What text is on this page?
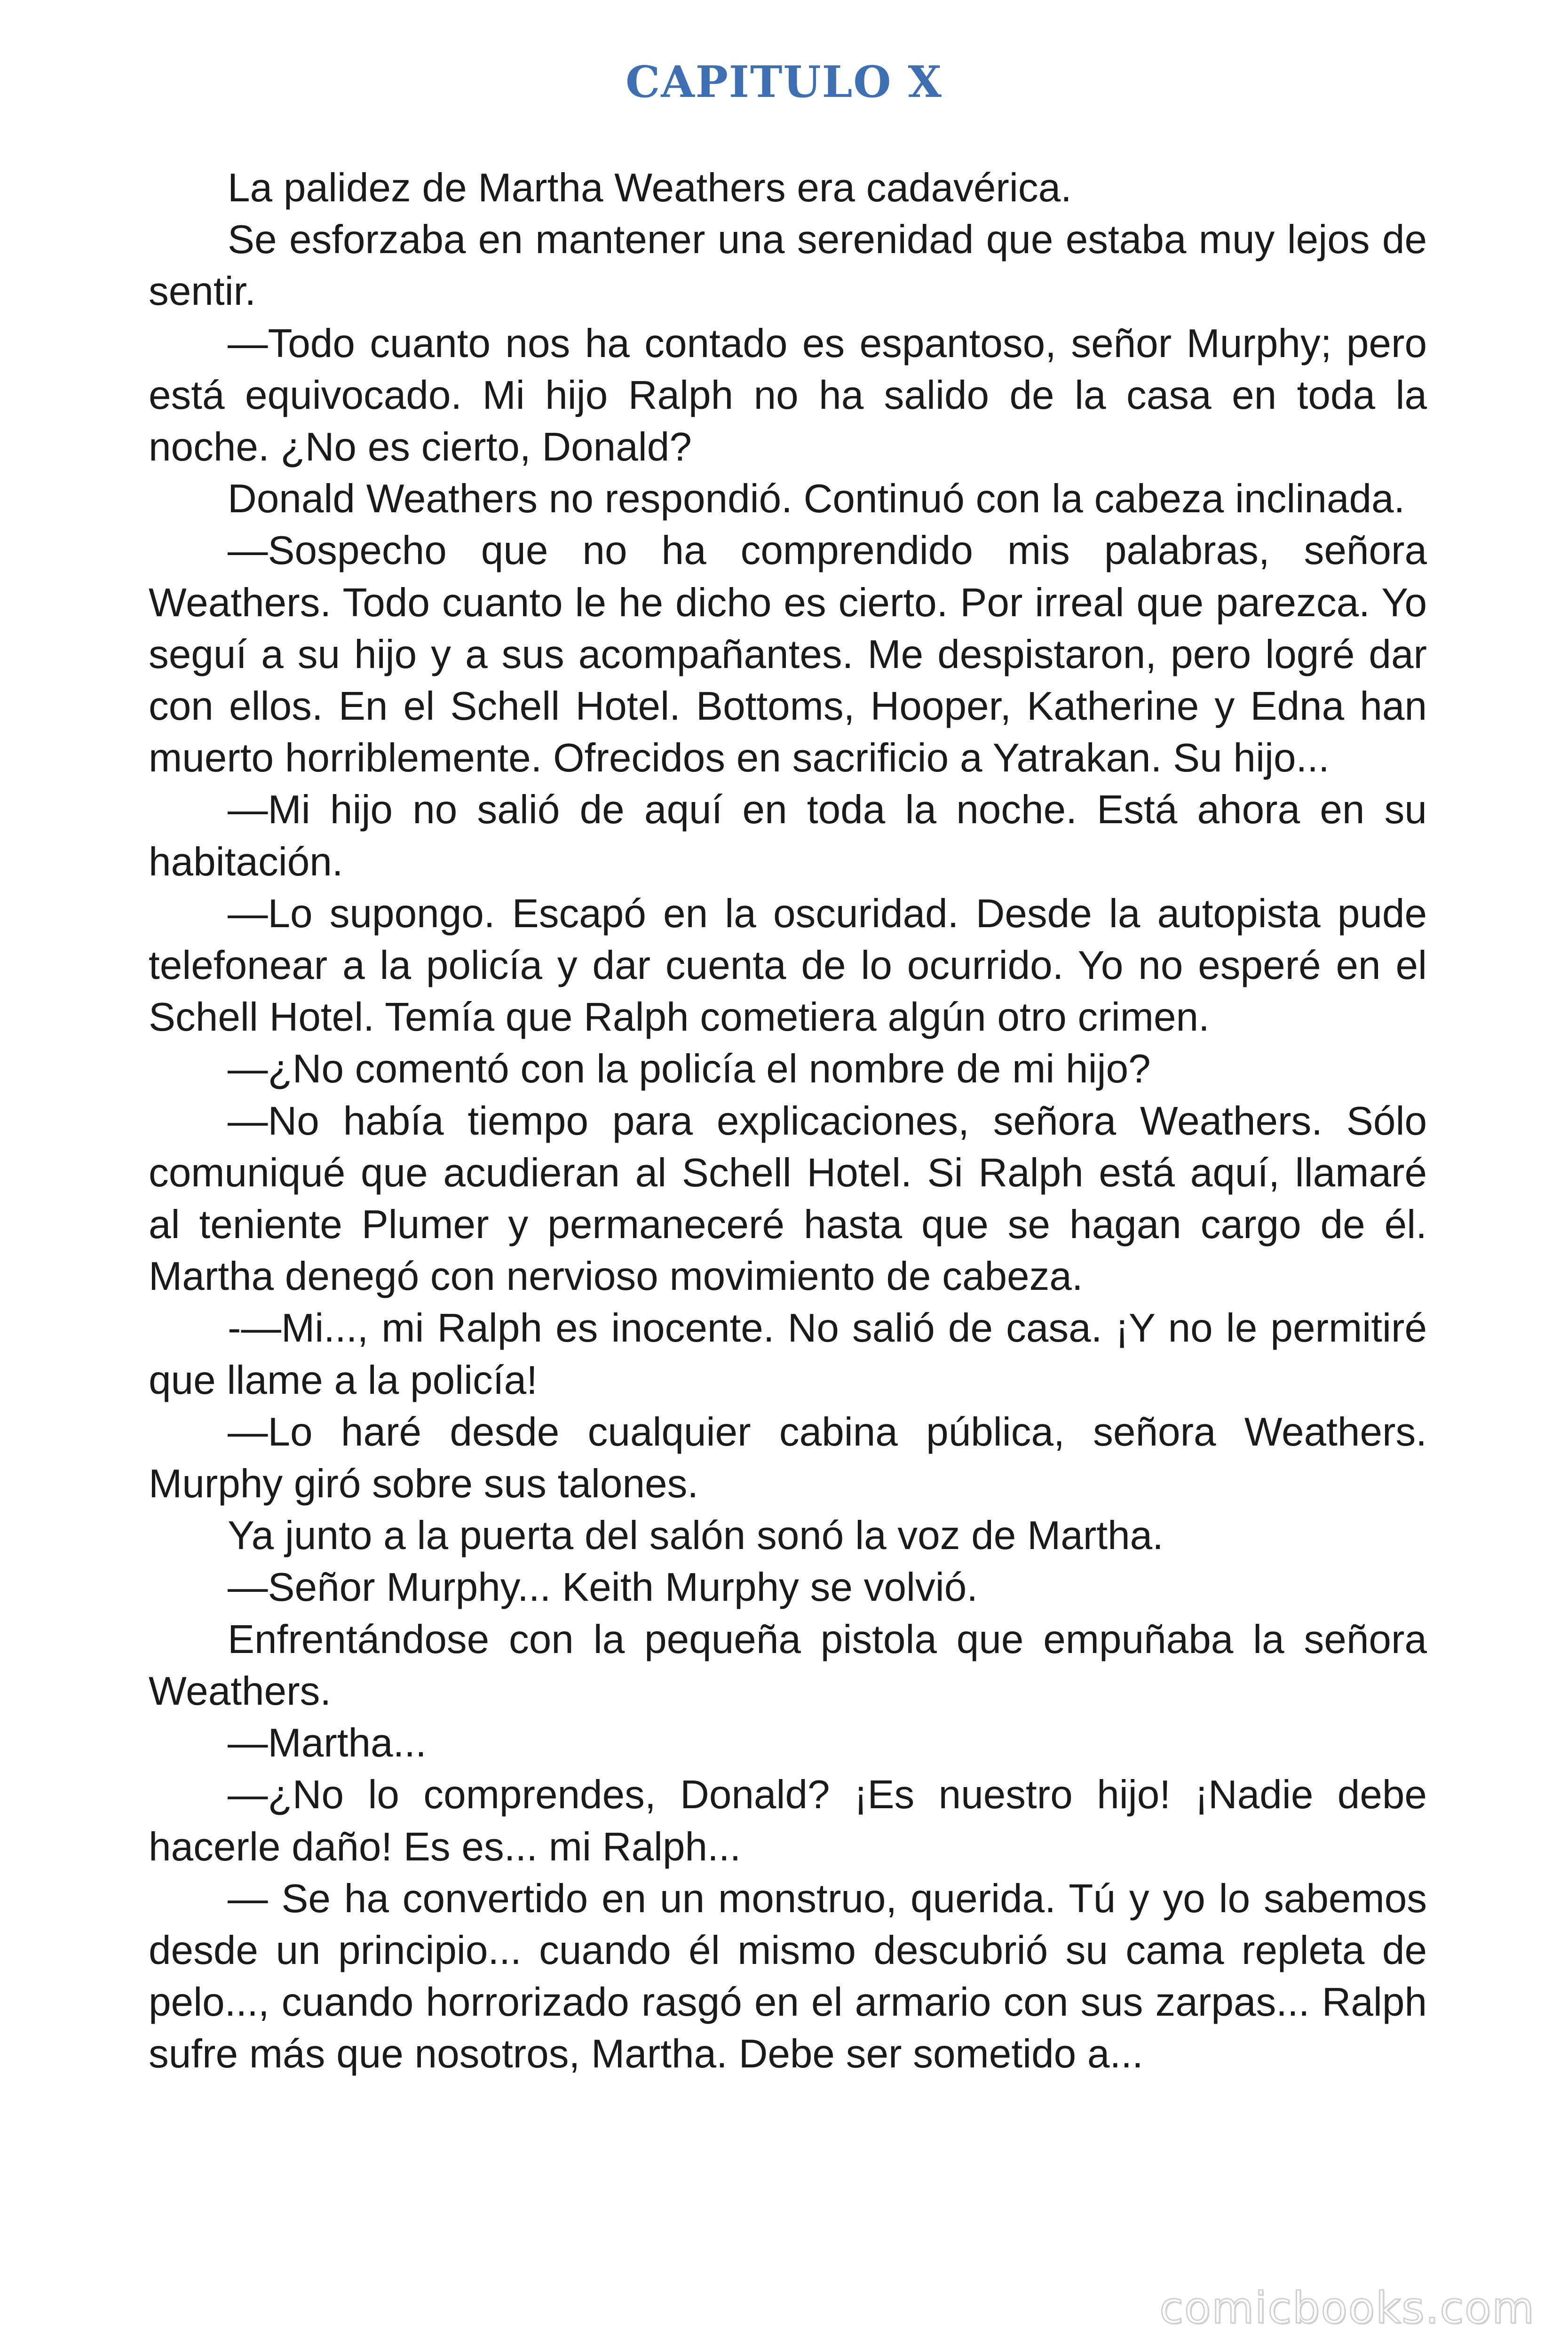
CAPITULO X

La palidez de Martha Weathers era cadavérica.

Se esforzaba en mantener una serenidad que estaba muy lejos de sentir.

—Todo cuanto nos ha contado es espantoso, señor Murphy; pero está equivocado. Mi hijo Ralph no ha salido de la casa en toda la noche. ¿No es cierto, Donald?

Donald Weathers no respondió. Continuó con la cabeza inclinada.

—Sospecho que no ha comprendido mis palabras, señora Weathers. Todo cuanto le he dicho es cierto. Por irreal que parezca. Yo seguí a su hijo y a sus acompañantes. Me despistaron, pero logré dar con ellos. En el Schell Hotel. Bottoms, Hooper, Katherine y Edna han muerto horriblemente. Ofrecidos en sacrificio a Yatrakan. Su hijo...

—Mi hijo no salió de aquí en toda la noche. Está ahora en su habitación.

—Lo supongo. Escapó en la oscuridad. Desde la autopista pude telefonear a la policía y dar cuenta de lo ocurrido. Yo no esperé en el Schell Hotel. Temía que Ralph cometiera algún otro crimen.

—¿No comentó con la policía el nombre de mi hijo?

—No había tiempo para explicaciones, señora Weathers. Sólo comuniqué que acudieran al Schell Hotel. Si Ralph está aquí, llamaré al teniente Plumer y permaneceré hasta que se hagan cargo de él. Martha denegó con nervioso movimiento de cabeza.

-—Mi..., mi Ralph es inocente. No salió de casa. ¡Y no le permitiré que llame a la policía!

—Lo haré desde cualquier cabina pública, señora Weathers. Murphy giró sobre sus talones.

Ya junto a la puerta del salón sonó la voz de Martha.

—Señor Murphy... Keith Murphy se volvió.

Enfrentándose con la pequeña pistola que empuñaba la señora Weathers.

—Martha...

—¿No lo comprendes, Donald? ¡Es nuestro hijo! ¡Nadie debe hacerle daño! Es es... mi Ralph...

— Se ha convertido en un monstruo, querida. Tú y yo lo sabemos desde un principio... cuando él mismo descubrió su cama repleta de pelo..., cuando horrorizado rasgó en el armario con sus zarpas... Ralph sufre más que nosotros, Martha. Debe ser sometido a...

comicbooks.com
